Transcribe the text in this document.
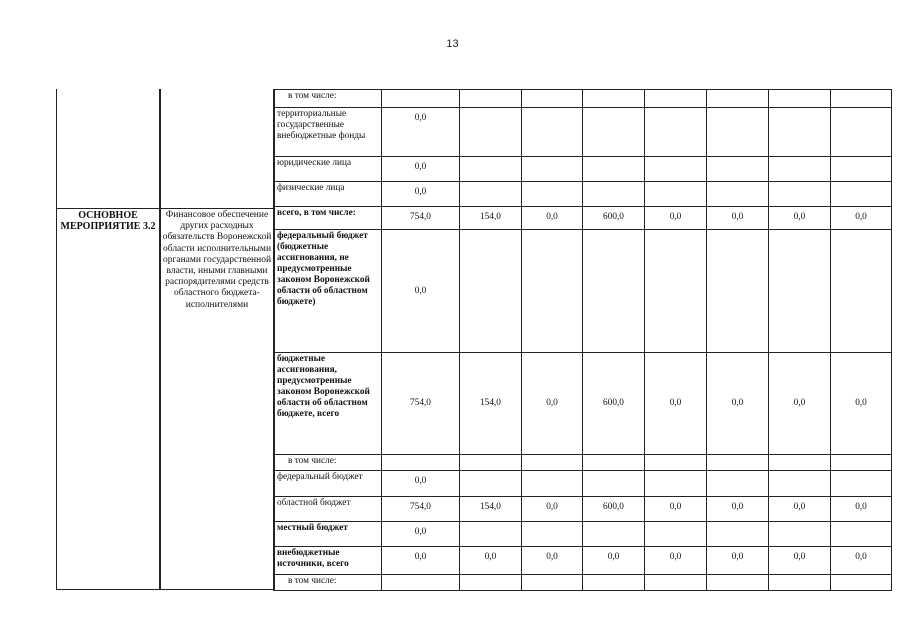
13
ОСНОВНОЕ МЕРОПРИЯТИЕ 3.2
Финансовое обеспечение других расходных обязательств Воронежской области исполнительными органами государственной власти, иными главными распорядителями средств областного бюджета-исполнителями
в том числе:								
территориальные государственные внебюджетные фонды	0,0							
юридические лица	0,0							
физические лица	0,0							
всего, в том числе:	754,0	154,0	0,0	600,0	0,0	0,0	0,0	0,0
федеральный бюджет (бюджетные ассигнования, не предусмотренные законом Воронежской области об областном бюджете)	0,0							
бюджетные ассигнования, предусмотренные законом Воронежской области об областном бюджете, всего	754,0	154,0	0,0	600,0	0,0	0,0	0,0	0,0
в том числе:								
федеральный бюджет	0,0							
областной бюджет	754,0	154,0	0,0	600,0	0,0	0,0	0,0	0,0
местный бюджет	0,0							
внебюджетные источники, всего	0,0	0,0	0,0	0,0	0,0	0,0	0,0	0,0
в том числе:								
